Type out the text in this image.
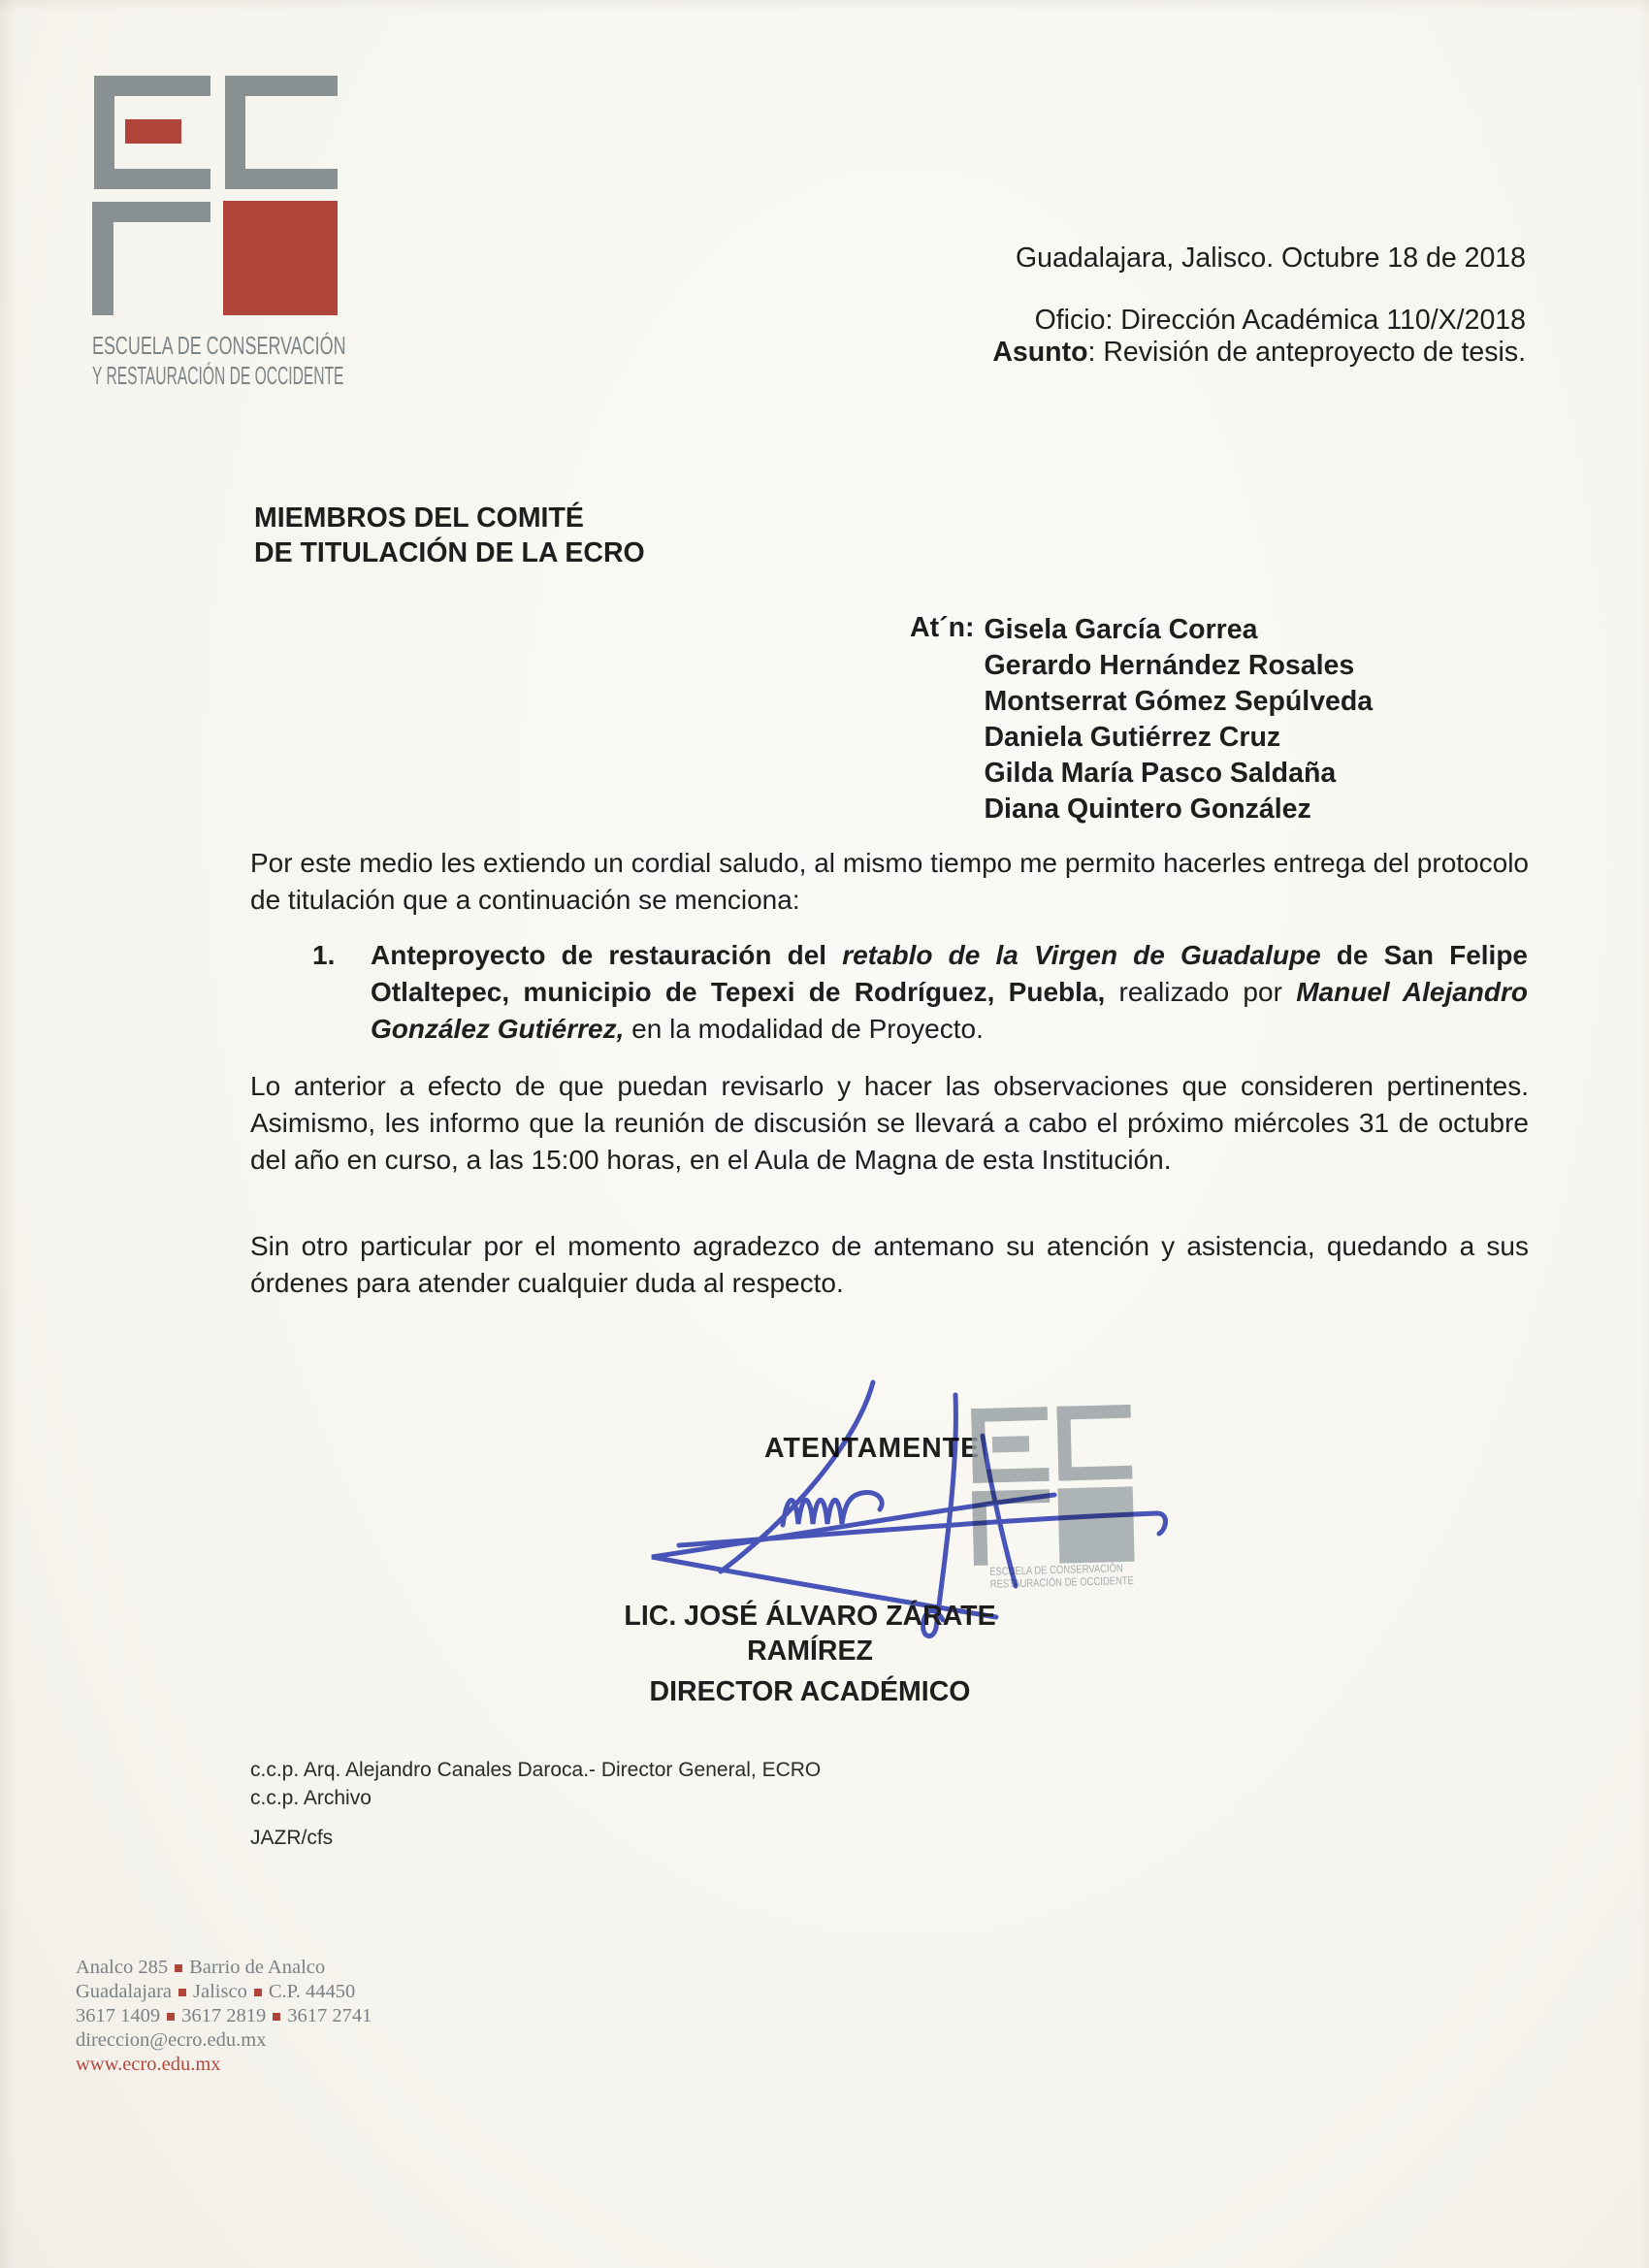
ESCUELA DE CONSERVACIÓN
Y RESTAURACIÓN DE OCCIDENTE
Guadalajara, Jalisco. Octubre 18 de 2018
Oficio: Dirección Académica 110/X/2018
Asunto: Revisión de anteproyecto de tesis.
MIEMBROS DEL COMITÉ
DE TITULACIÓN DE LA ECRO
At´n: Gisela García Correa
Gerardo Hernández Rosales
Montserrat Gómez Sepúlveda
Daniela Gutiérrez Cruz
Gilda María Pasco Saldaña
Diana Quintero González
Por este medio les extiendo un cordial saludo, al mismo tiempo me permito hacerles entrega del protocolo de titulación que a continuación se menciona:
1.	Anteproyecto de restauración del retablo de la Virgen de Guadalupe de San Felipe Otlaltepec, municipio de Tepexi de Rodríguez, Puebla, realizado por Manuel Alejandro González Gutiérrez, en la modalidad de Proyecto.
Lo anterior a efecto de que puedan revisarlo y hacer las observaciones que consideren pertinentes. Asimismo, les informo que la reunión de discusión se llevará a cabo el próximo miércoles 31 de octubre del año en curso, a las 15:00 horas, en el Aula de Magna de esta Institución.
Sin otro particular por el momento agradezco de antemano su atención y asistencia, quedando a sus órdenes para atender cualquier duda al respecto.
ATENTAMENTE
ESCUELA DE CONSERVACIÓN
RESTAURACIÓN DE OCCIDENTE
LIC. JOSÉ ÁLVARO ZÁRATE RAMÍREZ
DIRECTOR ACADÉMICO
c.c.p. Arq. Alejandro Canales Daroca.- Director General, ECRO
c.c.p. Archivo
JAZR/cfs
Analco 285 Barrio de Analco
Guadalajara Jalisco C.P. 44450
3617 1409 3617 2819 3617 2741
direccion@ecro.edu.mx
www.ecro.edu.mx
